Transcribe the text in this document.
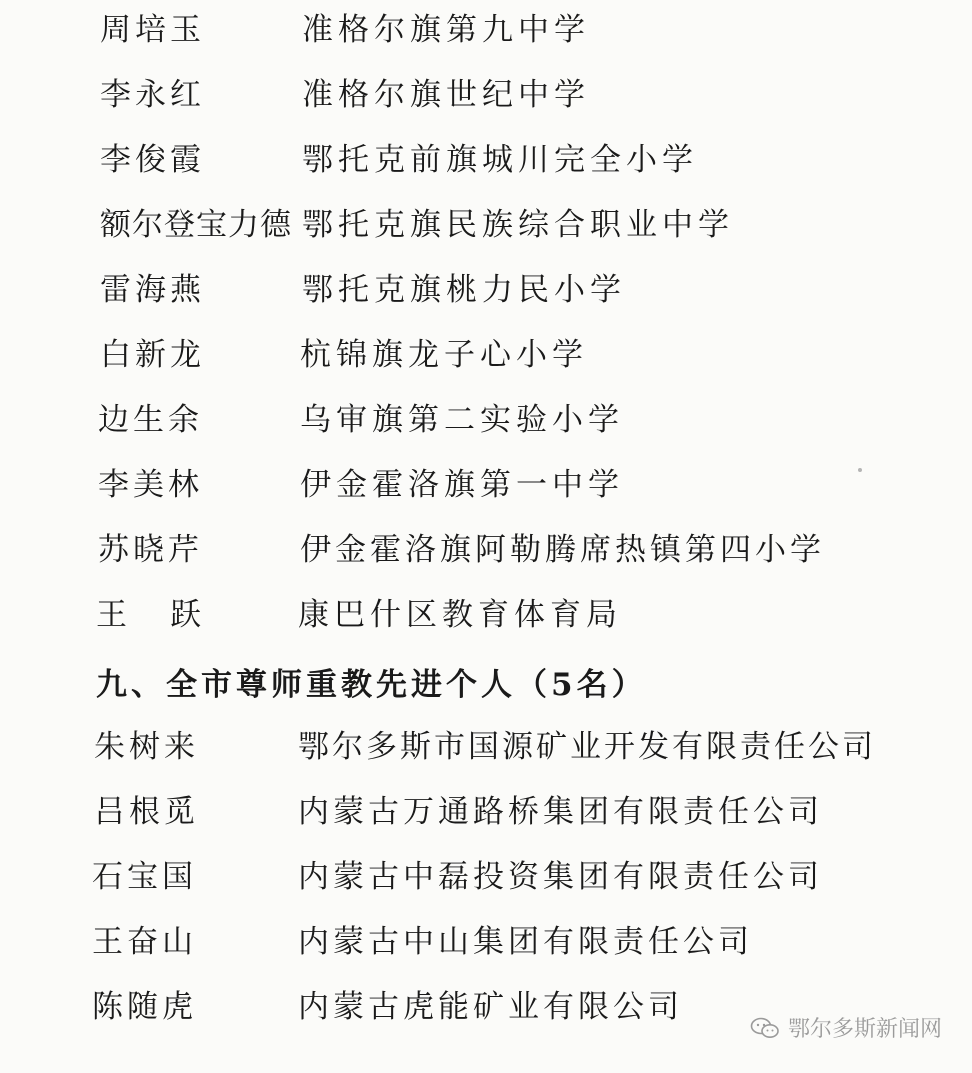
周培玉	准格尔旗第九中学
李永红	准格尔旗世纪中学
李俊霞	鄂托克前旗城川完全小学
额尔登宝力德 鄂托克旗民族综合职业中学
雷海燕	鄂托克旗桃力民小学
白新龙	杭锦旗龙子心小学
边生余	乌审旗第二实验小学
李美林	伊金霍洛旗第一中学
苏晓芹	伊金霍洛旗阿勒腾席热镇第四小学
王　跃	康巴什区教育体育局
九、全市尊师重教先进个人（5名）
朱树来	鄂尔多斯市国源矿业开发有限责任公司
吕根觅	内蒙古万通路桥集团有限责任公司
石宝国	内蒙古中磊投资集团有限责任公司
王奋山	内蒙古中山集团有限责任公司
陈随虎	内蒙古虎能矿业有限公司
鄂尔多斯新闻网
